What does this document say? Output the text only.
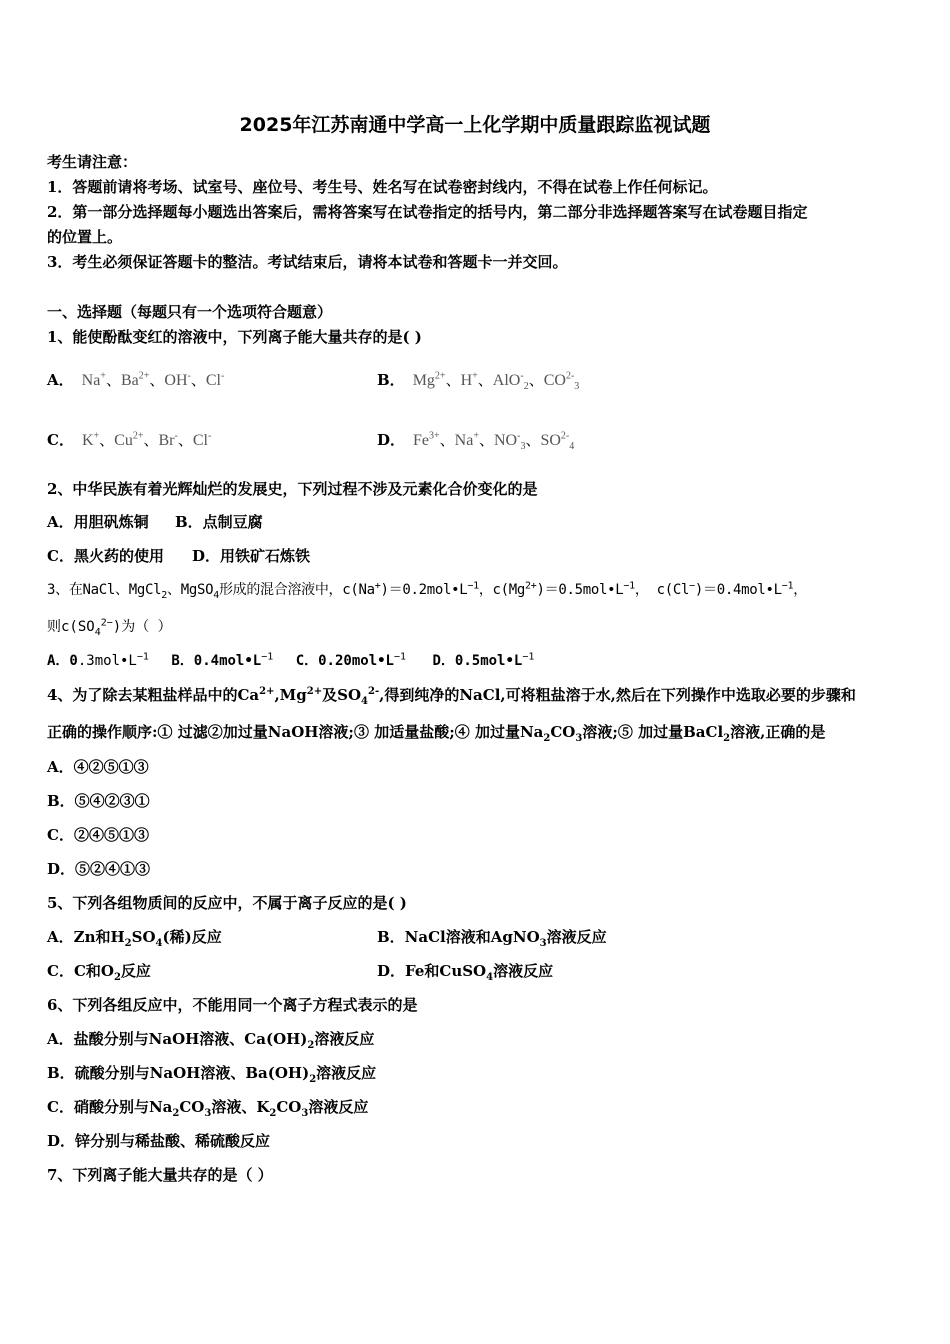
2025年江苏南通中学高一上化学期中质量跟踪监视试题
考生请注意：
1．答题前请将考场、试室号、座位号、考生号、姓名写在试卷密封线内，不得在试卷上作任何标记。
2．第一部分选择题每小题选出答案后，需将答案写在试卷指定的括号内，第二部分非选择题答案写在试卷题目指定
的位置上。
3．考生必须保证答题卡的整洁。考试结束后，请将本试卷和答题卡一并交回。
一、选择题（每题只有一个选项符合题意）
1、能使酚酞变红的溶液中，下列离子能大量共存的是( )
A． Na+、$Ba^{2+}$、OH-、Cl-	B． $Mg^{2+}$、H+、AlO-$_2$、$CO^{2-}_3$
C． K+、$Cu^{2+}$、Br-、Cl-	D． $Fe^{3+}$、Na+、$NO^-_3$、$SO^{2-}_4$
2、中华民族有着光辉灿烂的发展史，下列过程不涉及元素化合价变化的是
A．用胆矾炼铜 B．点制豆腐
C．黑火药的使用 D．用铁矿石炼铁
3、在NaCl、MgCl$_2$、MgSO$_4$形成的混合溶液中，$c(Na^+)=0.2mol•L^{-1}$，$c(Mg^{2+})=0.5mol•L^{-1}$， $c(Cl^-)=0.4mol•L^{-1}$，
则$c(SO_4^{2-})$为（ ）
A．$0.3mol•L^{-1}$ B．$0.4mol•L^{-1}$ C．$0.20mol•L^{-1}$ D．$0.5mol•L^{-1}$
4、为了除去某粗盐样品中的$Ca^{2+},Mg^{2+}$及$SO_4^{2-}$,得到纯净的NaCl,可将粗盐溶于水,然后在下列操作中选取必要的步骤和
正确的操作顺序:① 过滤②加过量NaOH溶液;③ 加适量盐酸;④ 加过量$Na_2CO_3$溶液;⑤ 加过量BaCl$_2$溶液,正确的是
A．④②⑤①③
B．⑤④②③①
C．②④⑤①③
D．⑤②④①③
5、下列各组物质间的反应中，不属于离子反应的是( )
A．Zn和$H_2SO_4$(稀)反应	B．NaCl溶液和AgNO$_3$溶液反应
C．C和$O_2$反应	D．Fe和CuSO$_4$溶液反应
6、下列各组反应中，不能用同一个离子方程式表示的是
A．盐酸分别与NaOH溶液、$Ca(OH)_2$溶液反应
B．硫酸分别与NaOH溶液、$Ba(OH)_2$溶液反应
C．硝酸分别与$Na_2CO_3$溶液、$K_2CO_3$溶液反应
D．锌分别与稀盐酸、稀硫酸反应
7、下列离子能大量共存的是（ ）
